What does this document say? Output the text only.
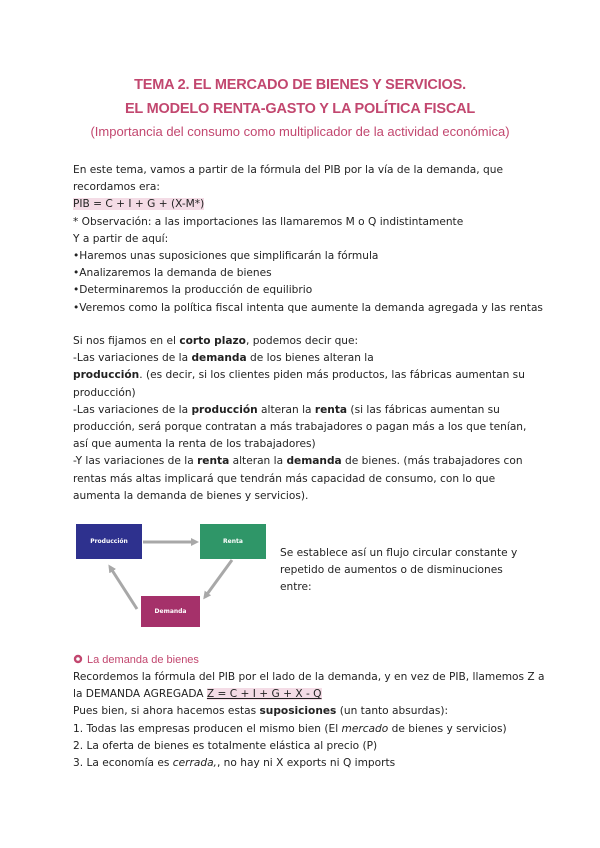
TEMA 2. EL MERCADO DE BIENES Y SERVICIOS.
EL MODELO RENTA-GASTO Y LA POLÍTICA FISCAL
(Importancia del consumo como multiplicador de la actividad económica)
En este tema, vamos a partir de la fórmula del PIB por la vía de la demanda, que
recordamos era:
PIB = C + I + G + (X-M*)
* Observación: a las importaciones las llamaremos M o Q indistintamente
Y a partir de aquí:
•Haremos unas suposiciones que simplificarán la fórmula
•Analizaremos la demanda de bienes
•Determinaremos la producción de equilibrio
•Veremos como la política fiscal intenta que aumente la demanda agregada y las rentas
Si nos fijamos en el corto plazo, podemos decir que:
-Las variaciones de la demanda de los bienes alteran la
producción. (es decir, si los clientes piden más productos, las fábricas aumentan su
producción)
-Las variaciones de la producción alteran la renta (si las fábricas aumentan su
producción, será porque contratan a más trabajadores o pagan más a los que tenían,
así que aumenta la renta de los trabajadores)
-Y las variaciones de la renta alteran la demanda de bienes. (más trabajadores con
rentas más altas implicará que tendrán más capacidad de consumo, con lo que
aumenta la demanda de bienes y servicios).
Producción	Renta
Demanda
Se establece así un flujo circular constante y
repetido de aumentos o de disminuciones
entre:
La demanda de bienes
Recordemos la fórmula del PIB por el lado de la demanda, y en vez de PIB, llamemos Z a
la DEMANDA AGREGADA Z = C + I + G + X - Q
Pues bien, si ahora hacemos estas suposiciones (un tanto absurdas):
1. Todas las empresas producen el mismo bien (El mercado de bienes y servicios)
2. La oferta de bienes es totalmente elástica al precio (P)
3. La economía es cerrada,, no hay ni X exports ni Q imports
